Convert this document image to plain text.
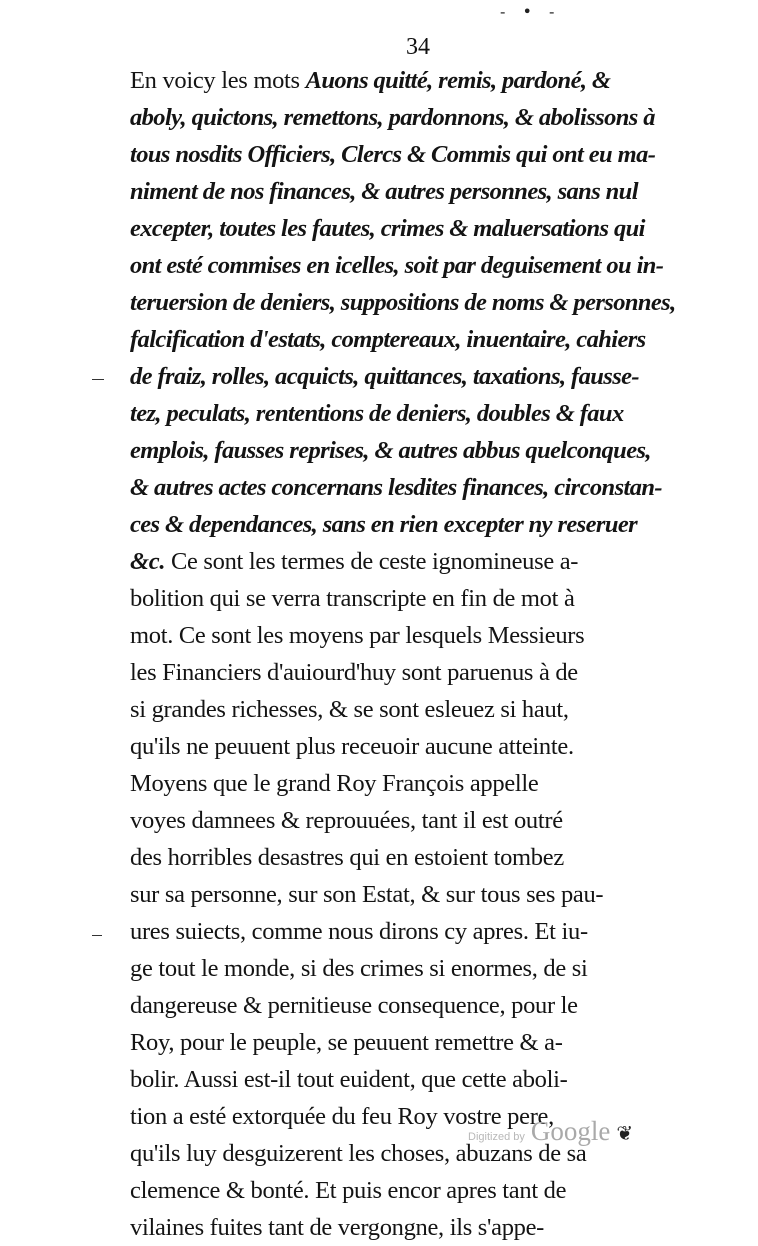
- • -
34
En voicy les mots Auons quitté, remis, pardoné, &
aboly, quictons, remettons, pardonnons, & abolissons à
tous nosdits Officiers, Clercs & Commis qui ont eu ma-
niment de nos finances, & autres personnes, sans nul
excepter, toutes les fautes, crimes & maluersations qui
ont esté commises en icelles, soit par deguisement ou in-
teruersion de deniers, suppositions de noms & personnes,
falcification d'estats, comptereaux, inuentaire, cahiers
de fraiz, rolles, acquicts, quittances, taxations, fausse-
tez, peculats, rententions de deniers, doubles & faux
emplois, fausses reprises, & autres abbus quelconques,
& autres actes concernans lesdites finances, circonstan-
ces & dependances, sans en rien excepter ny reseruer
&c. Ce sont les termes de ceste ignomineuse a-
bolition qui se verra transcripte en fin de mot à
mot. Ce sont les moyens par lesquels Messieurs
les Financiers d'auiourd'huy sont paruenus à de
si grandes richesses, & se sont esleuez si haut,
qu'ils ne peuuent plus receuoir aucune atteinte.
Moyens que le grand Roy François appelle
voyes damnees & reprouuées, tant il est outré
des horribles desastres qui en estoient tombez
sur sa personne, sur son Estat, & sur tous ses pau-
ures suiects, comme nous dirons cy apres. Et iu-
ge tout le monde, si des crimes si enormes, de si
dangereuse & pernitieuse consequence, pour le
Roy, pour le peuple, se peuuent remettre & a-
bolir. Aussi est-il tout euident, que cette aboli-
tion a esté extorquée du feu Roy vostre pere,
qu'ils luy desguizerent les choses, abuzans de sa
clemence & bonté. Et puis encor apres tant de
vilaines fuites tant de vergongne, ils s'appe-
Digitized by Google ❦
